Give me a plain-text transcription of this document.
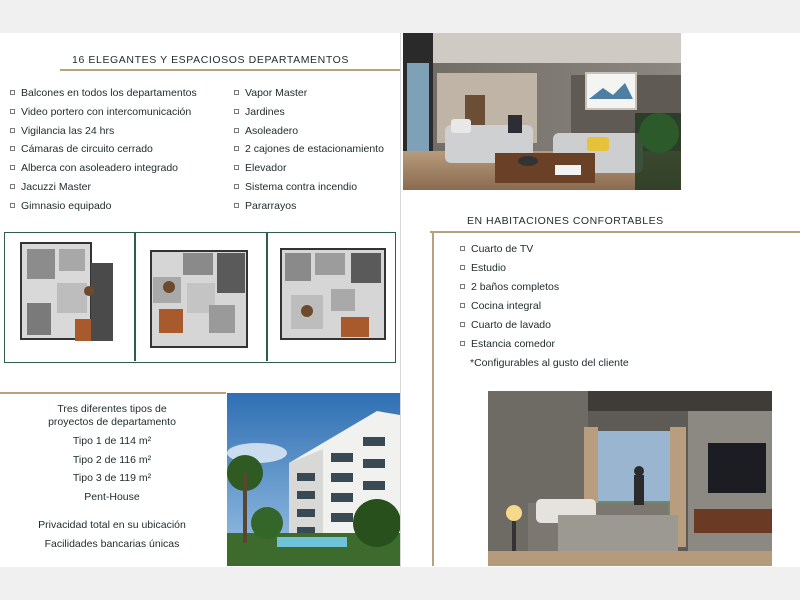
16 ELEGANTES Y ESPACIOSOS DEPARTAMENTOS
Balcones en todos los departamentos
Video portero con intercomunicación
Vigilancia las 24 hrs
Cámaras de circuito cerrado
Alberca con asoleadero integrado
Jacuzzi Master
Gimnasio equipado
Vapor Master
Jardines
Asoleadero
2 cajones de estacionamiento
Elevador
Sistema contra incendio
Pararrayos
Tres diferentes tipos de
proyectos de departamento
Tipo 1 de 114 m²
Tipo 2 de 116 m²
Tipo 3 de 119 m²
Pent-House
Privacidad total en su ubicación
Facilidades bancarias únicas
EN HABITACIONES CONFORTABLES
Cuarto de TV
Estudio
2 baños completos
Cocina integral
Cuarto de lavado
Estancia comedor
*Configurables al gusto del cliente
